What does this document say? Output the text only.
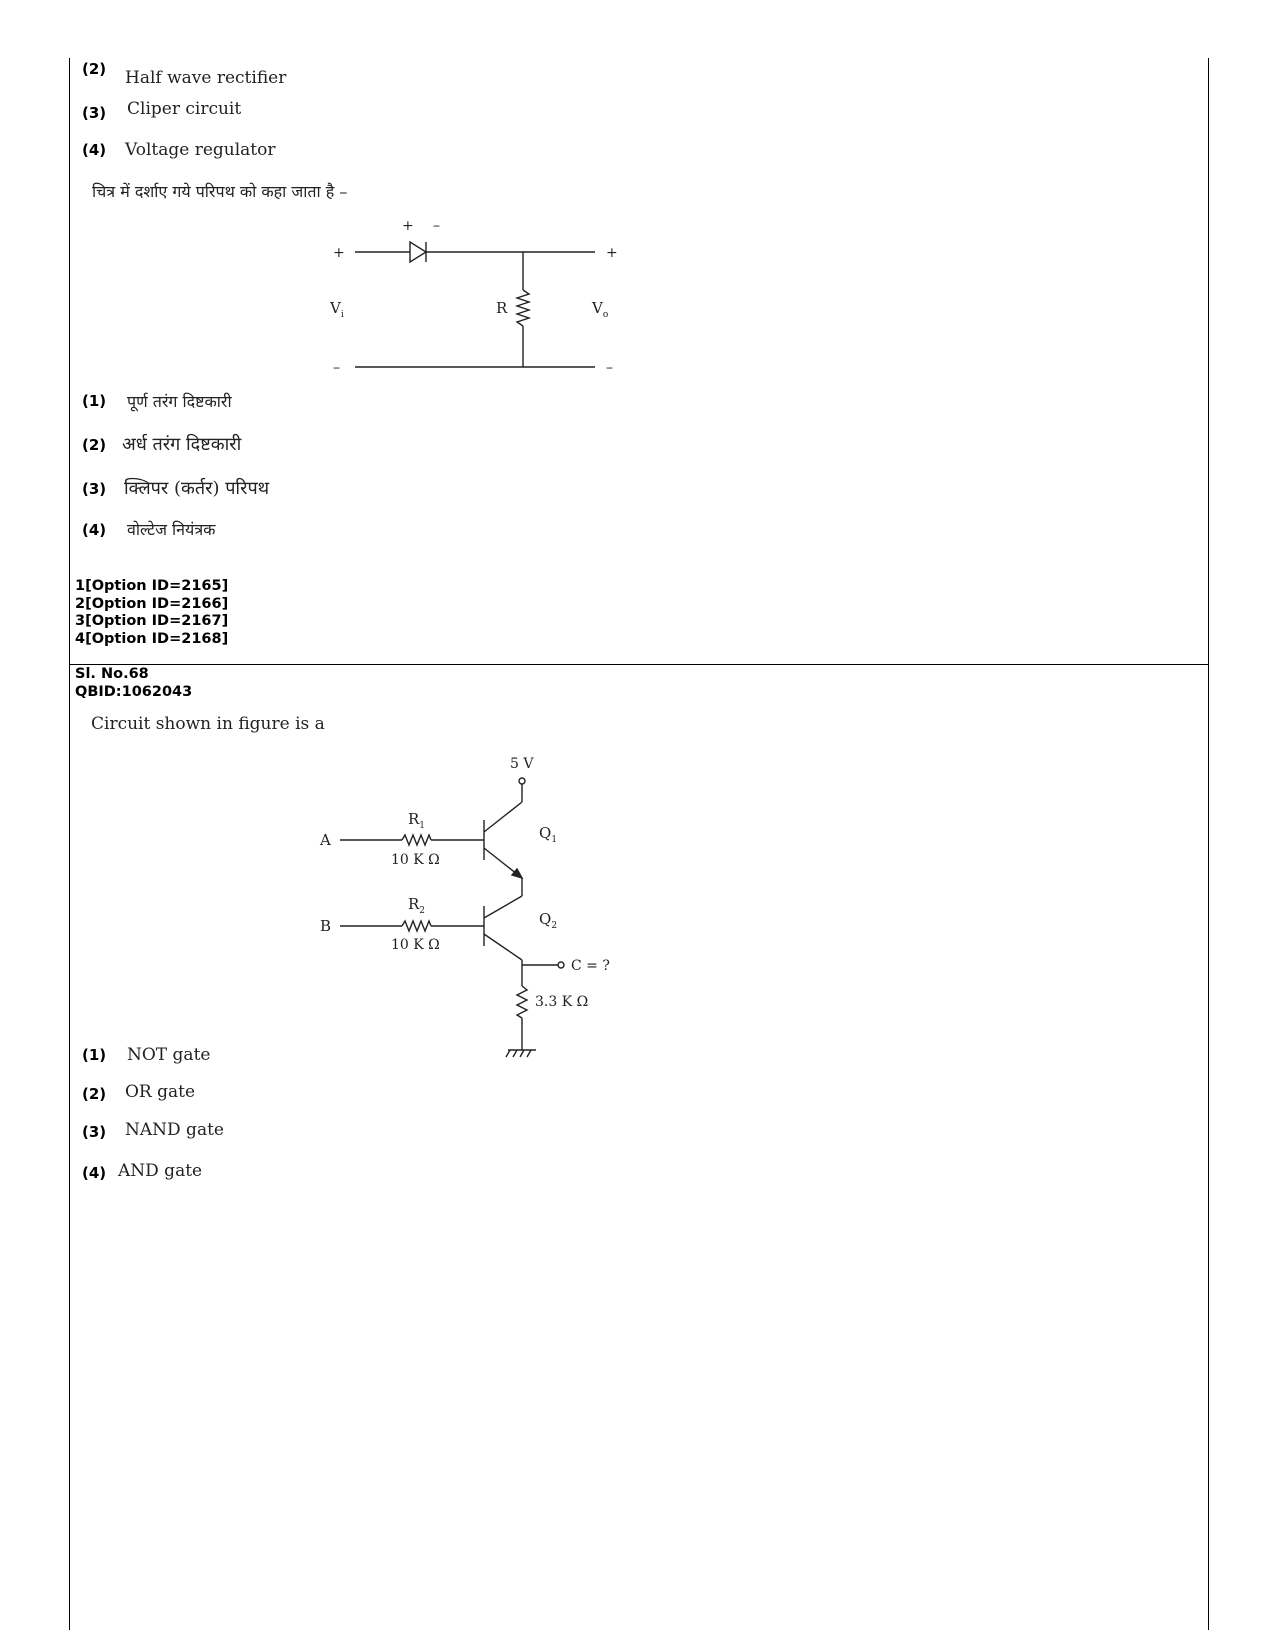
(2) Half wave rectifier
(3) Cliper circuit
(4) Voltage regulator
चित्र में दर्शाए गये परिपथ को कहा जाता है –
+ –
+
–
+
–
$V_i$	$V_o$
R
(1) पूर्ण तरंग दिष्टकारी
(2) अर्ध तरंग दिष्टकारी
(3) क्लिपर (कर्तर) परिपथ
(4) वोल्टेज नियंत्रक
1[Option ID=2165]
2[Option ID=2166]
3[Option ID=2167]
4[Option ID=2168]
Sl. No.68
QBID:1062043
Circuit shown in figure is a
5 V
A
B
$R_1$
10 K Ω
$R_2$
10 K Ω
$Q_1$
$Q_2$
C = ?
3.3 K Ω
(1) NOT gate
(2) OR gate
(3) NAND gate
(4) AND gate
